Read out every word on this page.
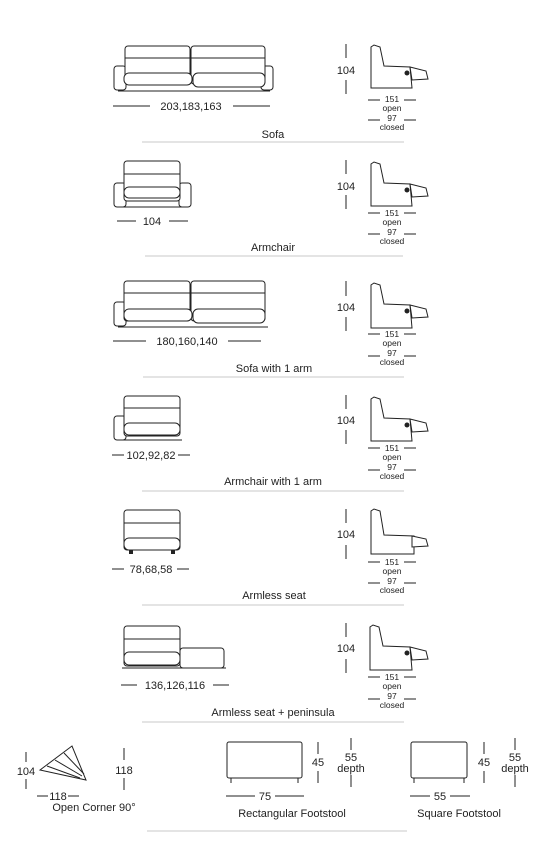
203,183,163
104
151
open
97
closed
Sofa
104
104
151
open
97
closed
Armchair
180,160,140
104
151
open
97
closed
Sofa with 1 arm
102,92,82
104
151
open
97
closed
Armchair with 1 arm
78,68,58
104
151
open
97
closed
Armless seat
136,126,116
104
151
open
97
closed
Armless seat + peninsula
104	118
118
Open Corner 90°
45 55
depth
75
Rectangular Footstool
45 55
depth
55
Square Footstool
